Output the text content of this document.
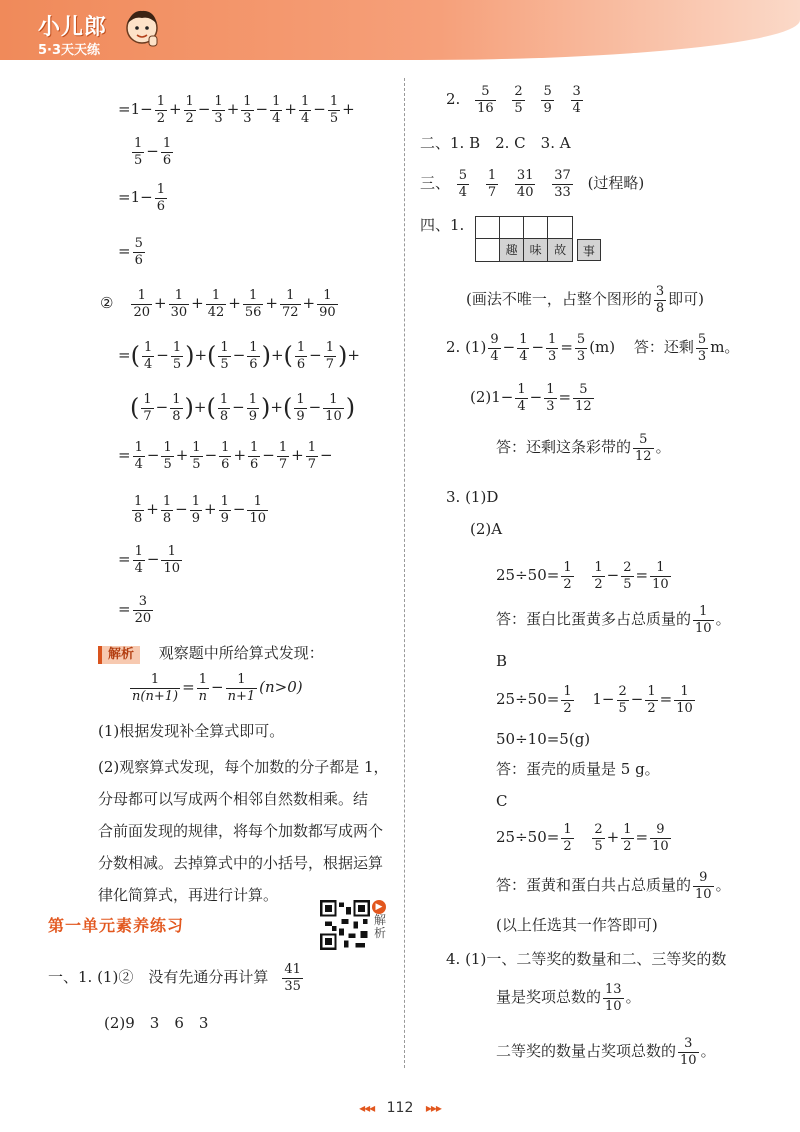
小儿郎
5·3天天练
$=1- \frac{1}{2} + \frac{1}{2} - \frac{1}{3} + \frac{1}{3} - \frac{1}{4} + \frac{1}{4} - \frac{1}{5}$ +
$\frac{1}{5} - \frac{1}{6}$
$=1- \frac{1}{6}$
= $\frac{5}{6}$
② $\frac{1}{20} + \frac{1}{30} + \frac{1}{42} + \frac{1}{56} + \frac{1}{72} + \frac{1}{90}$
=( $\frac{1}{4} - \frac{1}{5}$ )+( $\frac{1}{5} - \frac{1}{6}$ )+( $\frac{1}{6} - \frac{1}{7}$ )+
( $\frac{1}{7} - \frac{1}{8}$ )+( $\frac{1}{8} - \frac{1}{9}$ )+( $\frac{1}{9} - \frac{1}{10}$ )
= $\frac{1}{4} - \frac{1}{5} + \frac{1}{5} - \frac{1}{6} + \frac{1}{6} - \frac{1}{7} + \frac{1}{7}$ −
$\frac{1}{8} + \frac{1}{8} - \frac{1}{9} + \frac{1}{9} - \frac{1}{10}$
= $\frac{1}{4} - \frac{1}{10}$
= $\frac{3}{20}$
解析 观察题中所给算式发现：
$\frac{1}{n(n+1)} = \frac{1}{n} - \frac{1}{n+1} (n>0)$
(1)根据发现补全算式即可。
(2)观察算式发现，每个加数的分子都是 1，
分母都可以写成两个相邻自然数相乘。结
合前面发现的规律，将每个加数都写成两个
分数相减。去掉算式中的小括号，根据运算
律化简算式，再进行计算。
第一单元素养练习
▶
解析
一、1. (1)②　没有先通分再计算 $\frac{41}{35}$
(2)9　3　6　3
2. $\frac{5}{16}$
$\frac{2}{5}$
$\frac{5}{9}$
$\frac{3}{4}$
二、1. B　2. C　3. A
三、 $\frac{5}{4}$
$\frac{1}{7}$
$\frac{31}{40}$
$\frac{37}{33}$ (过程略)
四、1.
趣 味	故	事
(画法不唯一，占整个图形的 $\frac{3}{8}$ 即可)
2. $(1) \frac{9}{4} - \frac{1}{4} - \frac{1}{3} = \frac{5}{3} (m)$ 答：还剩 $\frac{5}{3}$ m。
$(2)1- \frac{1}{4} - \frac{1}{3} = \frac{5}{12}$
答：还剩这条彩带的 $\frac{5}{12}$ 。
3. (1)D
(2)A
$25\div 50= \frac{1}{2}$
$\frac{1}{2} - \frac{2}{5} = \frac{1}{10}$
答：蛋白比蛋黄多占总质量的 $\frac{1}{10}$ 。
B
$25\div 50= \frac{1}{2} 1- \frac{2}{5} - \frac{1}{2} = \frac{1}{10}$
50÷10=5(g)
答：蛋壳的质量是 5 g。
C
$25\div 50= \frac{1}{2}$
$\frac{2}{5} + \frac{1}{2} = \frac{9}{10}$
答：蛋黄和蛋白共占总质量的 $\frac{9}{10}$ 。
(以上任选其一作答即可)
4. (1)一、二等奖的数量和二、三等奖的数
量是奖项总数的 $\frac{13}{10}$ 。
二等奖的数量占奖项总数的 $\frac{3}{10}$ 。
◂◂◂ 112 ▸▸▸
